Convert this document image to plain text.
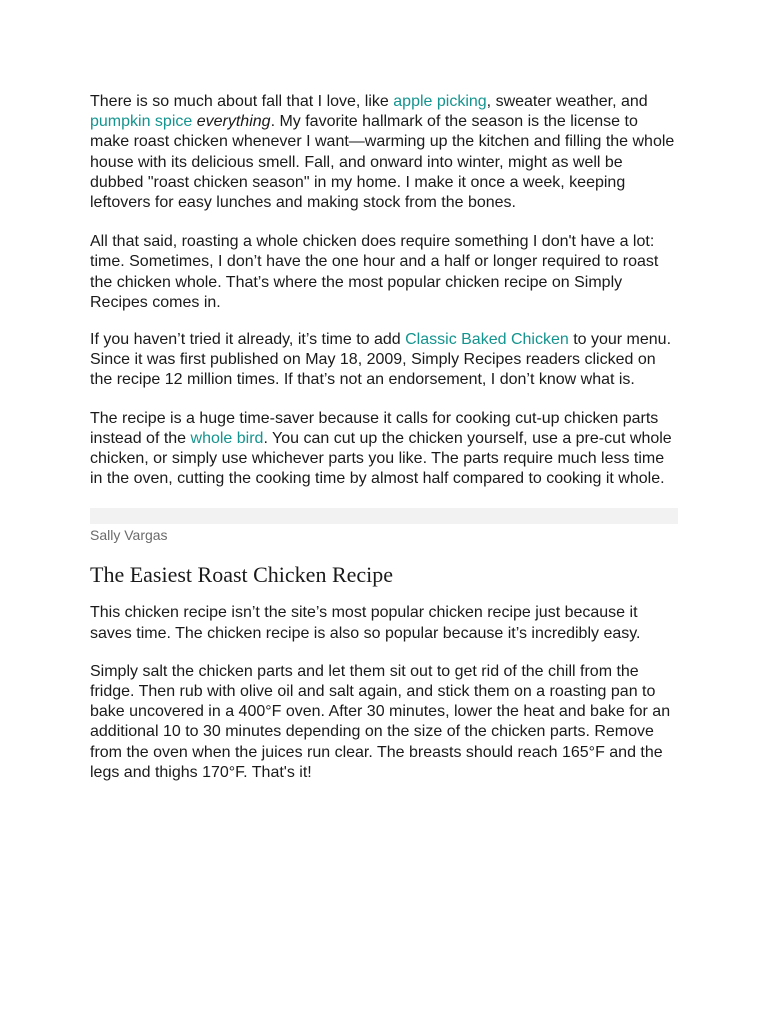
There is so much about fall that I love, like apple picking, sweater weather, and pumpkin spice everything. My favorite hallmark of the season is the license to make roast chicken whenever I want—warming up the kitchen and filling the whole house with its delicious smell. Fall, and onward into winter, might as well be dubbed "roast chicken season" in my home. I make it once a week, keeping leftovers for easy lunches and making stock from the bones.

All that said, roasting a whole chicken does require something I don't have a lot: time. Sometimes, I don’t have the one hour and a half or longer required to roast the chicken whole. That’s where the most popular chicken recipe on Simply Recipes comes in.

If you haven’t tried it already, it’s time to add Classic Baked Chicken to your menu. Since it was first published on May 18, 2009, Simply Recipes readers clicked on the recipe 12 million times. If that’s not an endorsement, I don’t know what is.

The recipe is a huge time-saver because it calls for cooking cut-up chicken parts instead of the whole bird. You can cut up the chicken yourself, use a pre-cut whole chicken, or simply use whichever parts you like. The parts require much less time in the oven, cutting the cooking time by almost half compared to cooking it whole.

Sally Vargas
The Easiest Roast Chicken Recipe

This chicken recipe isn’t the site’s most popular chicken recipe just because it saves time. The chicken recipe is also so popular because it’s incredibly easy.

Simply salt the chicken parts and let them sit out to get rid of the chill from the fridge. Then rub with olive oil and salt again, and stick them on a roasting pan to bake uncovered in a 400°F oven. After 30 minutes, lower the heat and bake for an additional 10 to 30 minutes depending on the size of the chicken parts. Remove from the oven when the juices run clear. The breasts should reach 165°F and the legs and thighs 170°F. That's it!
